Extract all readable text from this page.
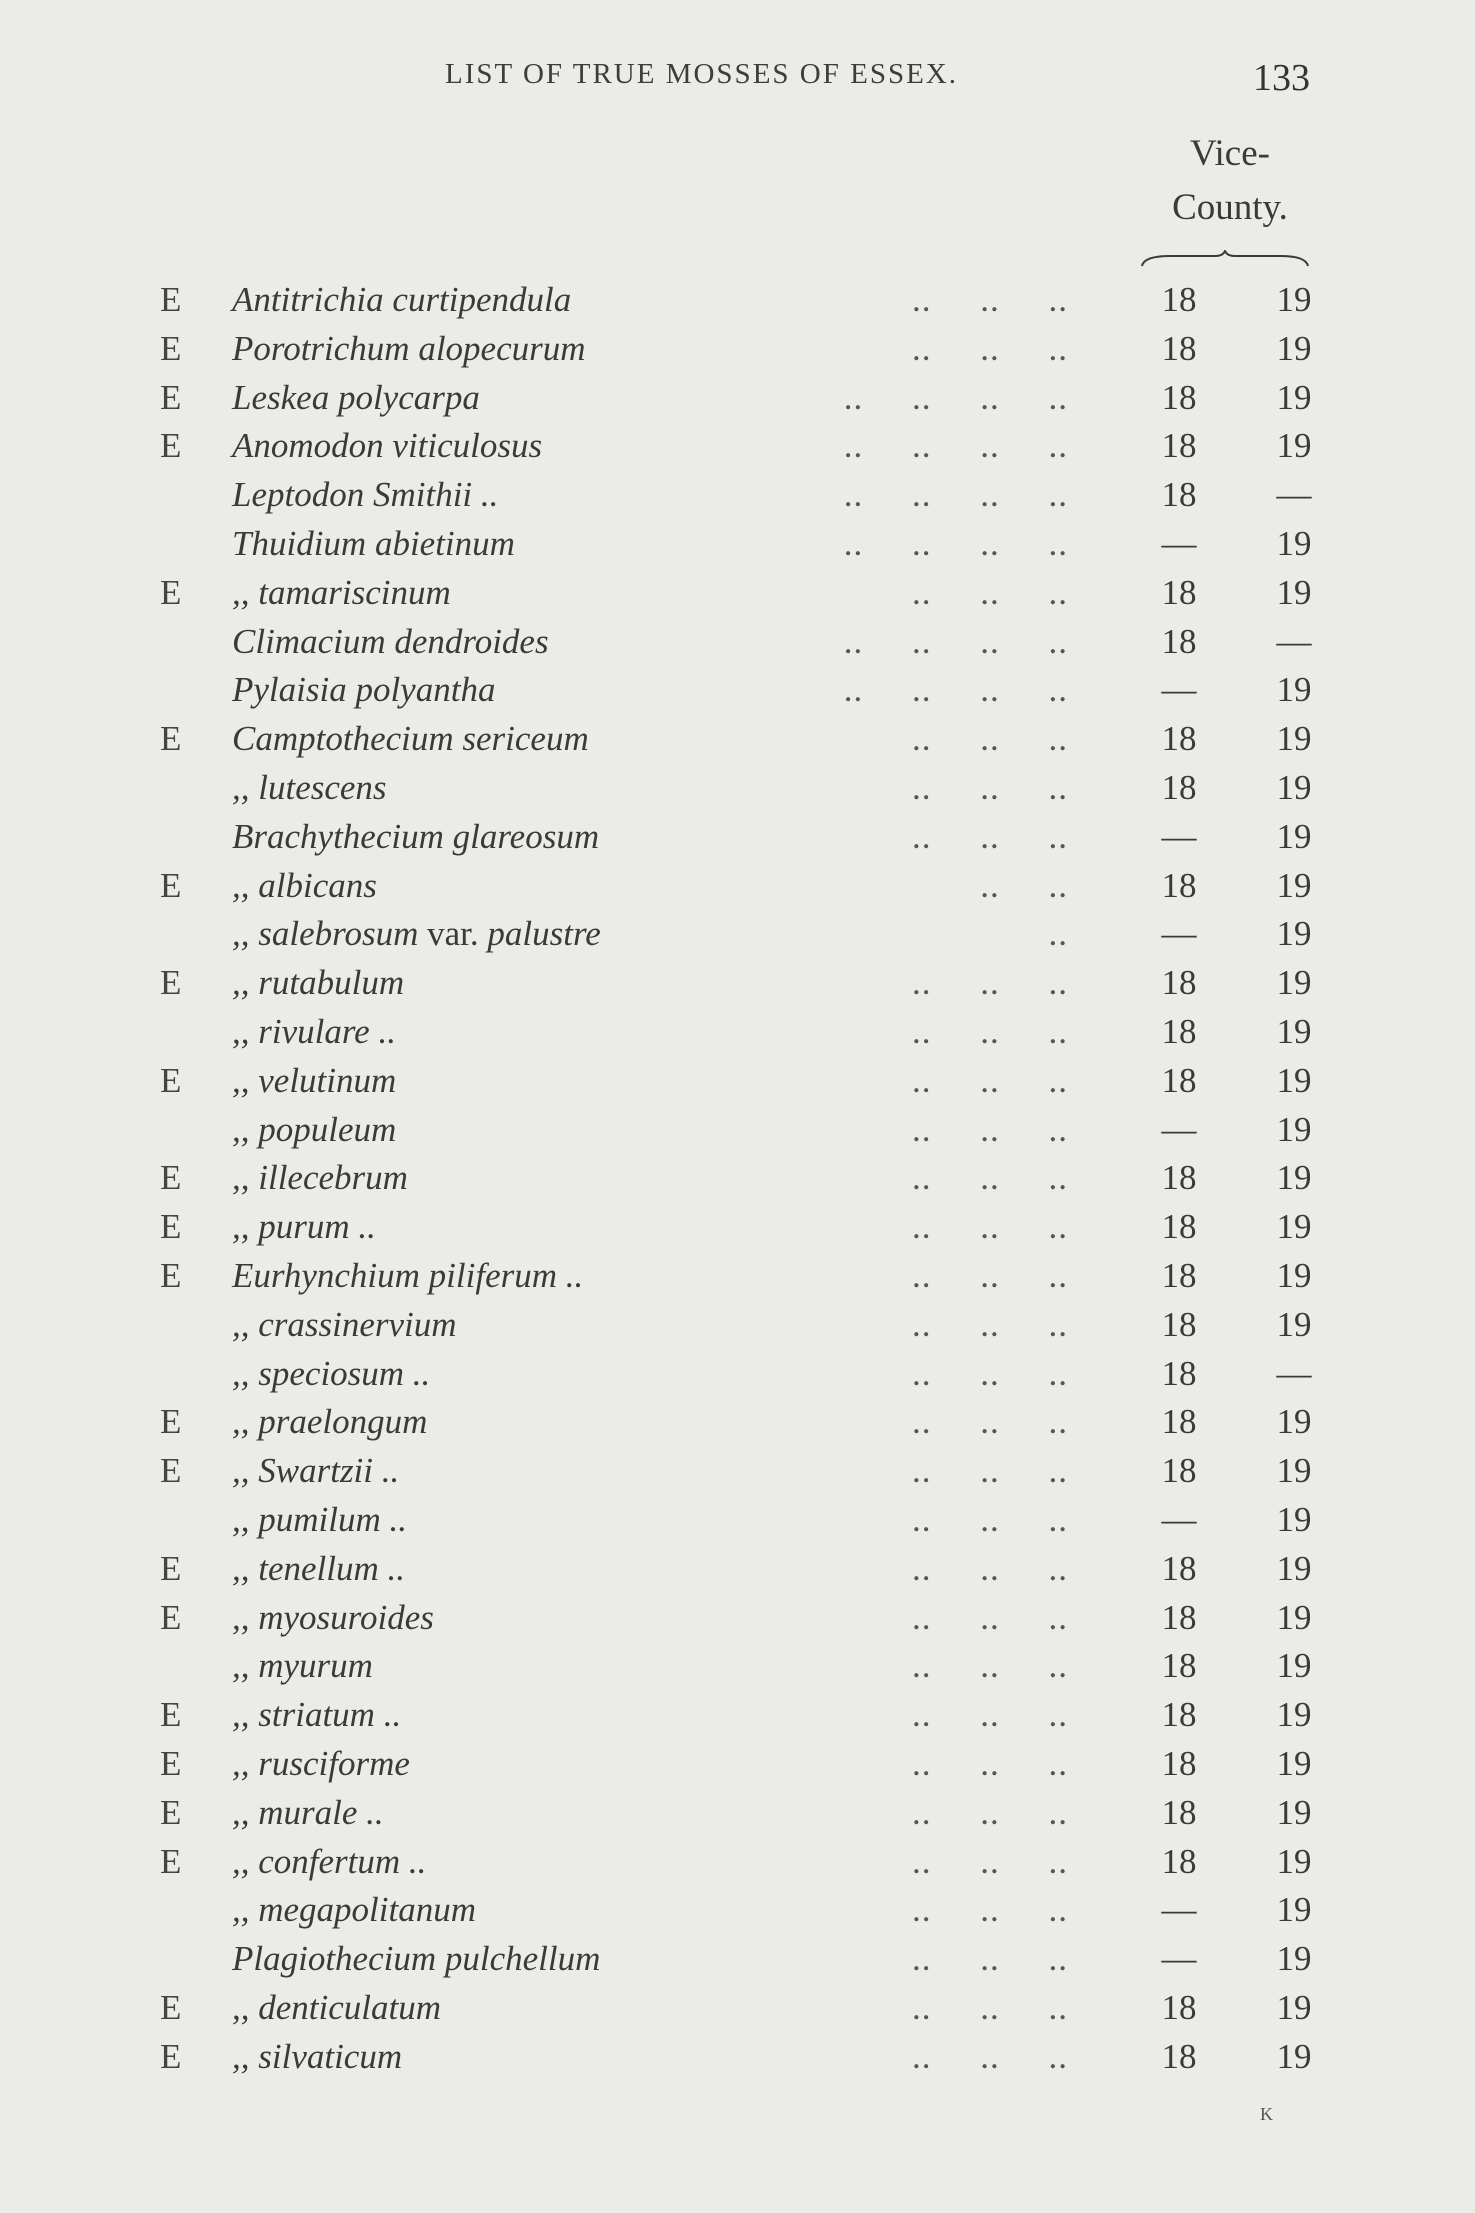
LIST OF TRUE MOSSES OF ESSEX.	133
Vice-
County.
E Antitrichia curtipendula	..     ..     ..	18	19
E Porotrichum alopecurum	..     ..     ..	18	19
E Leskea polycarpa	..     ..     ..     ..	18	19
E Anomodon viticulosus	..     ..     ..     ..	18	19
Leptodon Smithii ..	..     ..     ..     ..	18	—
Thuidium abietinum	..     ..     ..     ..	—	19
E ,, tamariscinum	..     ..     ..	18	19
Climacium dendroides	..     ..     ..     ..	18	—
Pylaisia polyantha	..     ..     ..     ..	—	19
E Camptothecium sericeum	..     ..     ..	18	19
,, lutescens	..     ..     ..	18	19
Brachythecium glareosum	..     ..     ..	—	19
E ,, albicans	..     ..	18	19
,, salebrosum var. palustre	..	—	19
E ,, rutabulum	..     ..     ..	18	19
,, rivulare ..	..     ..     ..	18	19
E ,, velutinum	..     ..     ..	18	19
,, populeum	..     ..     ..	—	19
E ,, illecebrum	..     ..     ..	18	19
E ,, purum ..	..     ..     ..	18	19
E Eurhynchium piliferum ..	..     ..     ..	18	19
,, crassinervium	..     ..     ..	18	19
,, speciosum ..	..     ..     ..	18	—
E ,, praelongum	..     ..     ..	18	19
E ,, Swartzii ..	..     ..     ..	18	19
,, pumilum ..	..     ..     ..	—	19
E ,, tenellum ..	..     ..     ..	18	19
E ,, myosuroides	..     ..     ..	18	19
,, myurum	..     ..     ..	18	19
E ,, striatum ..	..     ..     ..	18	19
E ,, rusciforme	..     ..     ..	18	19
E ,, murale ..	..     ..     ..	18	19
E ,, confertum ..	..     ..     ..	18	19
,, megapolitanum	..     ..     ..	—	19
Plagiothecium pulchellum	..     ..     ..	—	19
E ,, denticulatum	..     ..     ..	18	19
E ,, silvaticum	..     ..     ..	18	19
K
